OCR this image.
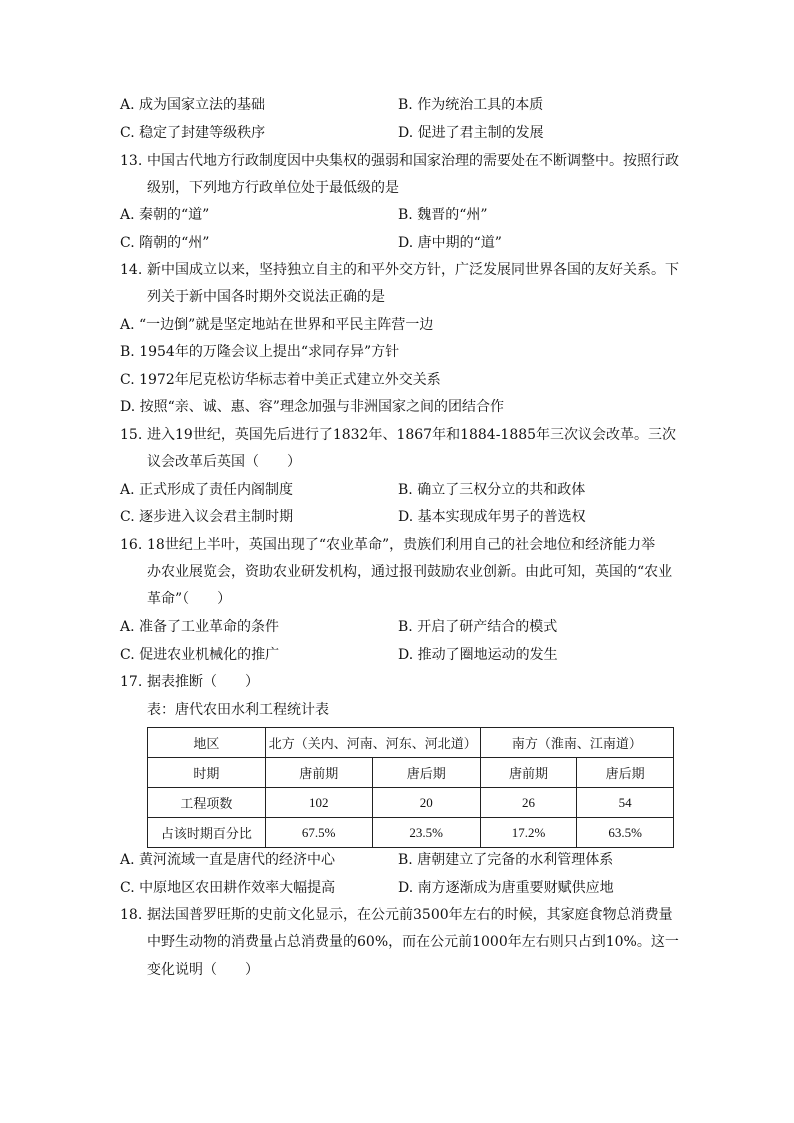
A. 成为国家立法的基础	B. 作为统治工具的本质
C. 稳定了封建等级秩序	D. 促进了君主制的发展
13. 中国古代地方行政制度因中央集权的强弱和国家治理的需要处在不断调整中。按照行政
级别，下列地方行政单位处于最低级的是
A. 秦朝的“道”	B. 魏晋的“州”
C. 隋朝的“州”	D. 唐中期的“道”
14. 新中国成立以来，坚持独立自主的和平外交方针，广泛发展同世界各国的友好关系。下
列关于新中国各时期外交说法正确的是
A. “一边倒”就是坚定地站在世界和平民主阵营一边
B. 1954年的万隆会议上提出“求同存异”方针
C. 1972年尼克松访华标志着中美正式建立外交关系
D. 按照“亲、诚、惠、容”理念加强与非洲国家之间的团结合作
15. 进入19世纪，英国先后进行了1832年、1867年和1884-1885年三次议会改革。三次
议会改革后英国（　　）
A. 正式形成了责任内阁制度	B. 确立了三权分立的共和政体
C. 逐步进入议会君主制时期	D. 基本实现成年男子的普选权
16. 18世纪上半叶，英国出现了“农业革命”，贵族们利用自己的社会地位和经济能力举
办农业展览会，资助农业研发机构，通过报刊鼓励农业创新。由此可知，英国的“农业
革命”（　　）
A. 准备了工业革命的条件	B. 开启了研产结合的模式
C. 促进农业机械化的推广	D. 推动了圈地运动的发生
17. 据表推断（　　）
表：唐代农田水利工程统计表
地区	北方（关内、河南、河东、河北道）		南方（淮南、江南道）	
时期	唐前期	唐后期	唐前期	唐后期
工程项数	102	20	26	54
占该时期百分比	67.5%	23.5%	17.2%	63.5%
A. 黄河流域一直是唐代的经济中心	B. 唐朝建立了完备的水利管理体系
C. 中原地区农田耕作效率大幅提高	D. 南方逐渐成为唐重要财赋供应地
18. 据法国普罗旺斯的史前文化显示，在公元前3500年左右的时候，其家庭食物总消费量
中野生动物的消费量占总消费量的60%，而在公元前1000年左右则只占到10%。这一
变化说明（　　）
